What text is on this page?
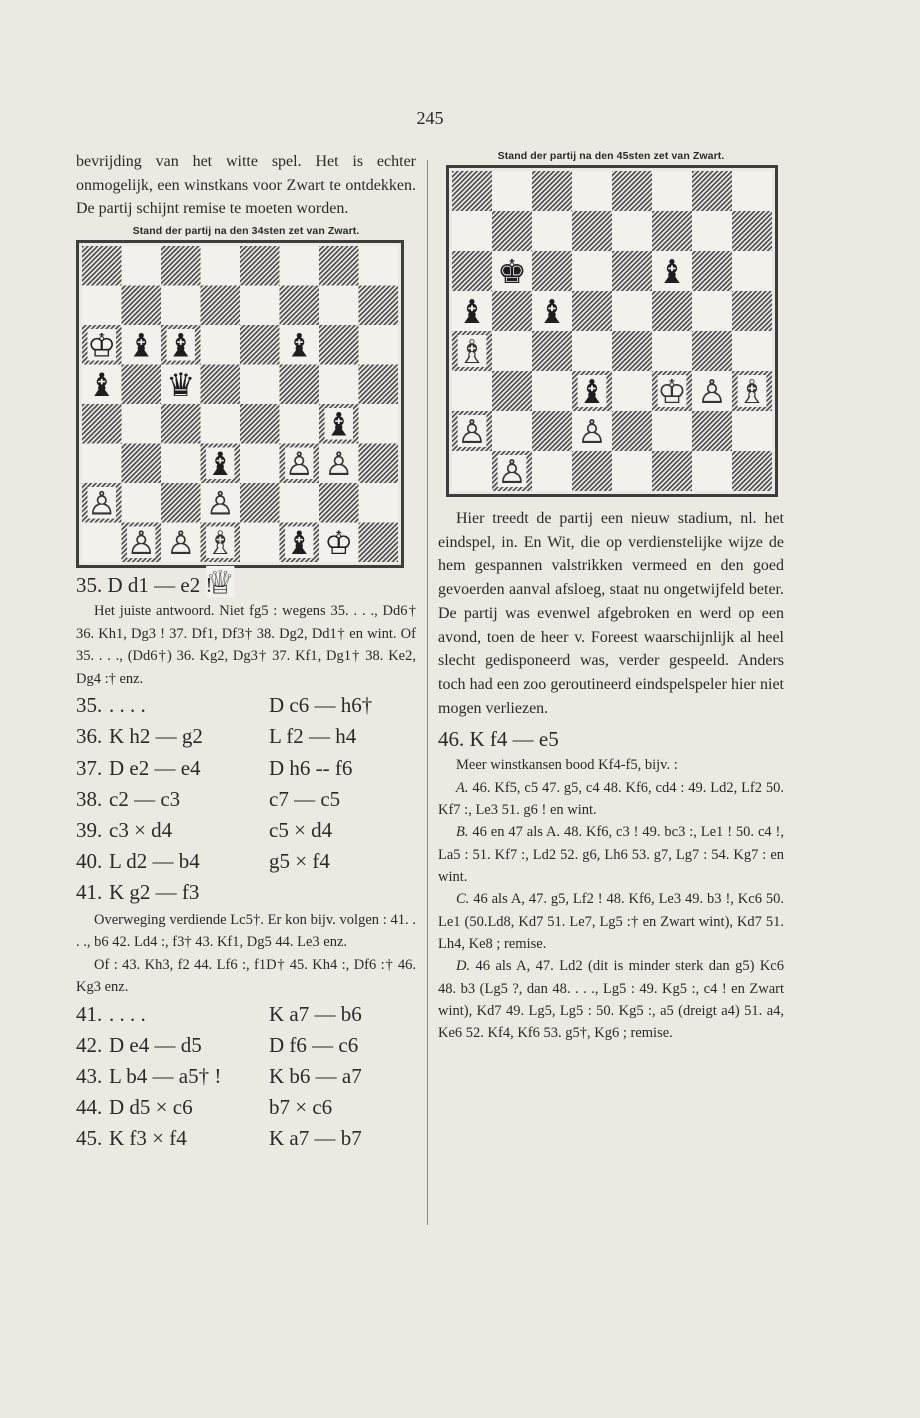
245

bevrijding van het witte spel. Het is echter onmogelijk, een winstkans voor Zwart te ontdekken. De partij schijnt remise te moeten worden.

Stand der partij na den 34sten zet van Zwart.
♔ ♝ ♝	♝
♝ ♛
♝
♝ ♙ ♙
♙	♙
♙ ♙ ♗ ♝ ♔
♕

35. D d1 — e2 !

Het juiste antwoord. Niet fg5 : wegens 35. . . ., Dd6† 36. Kh1, Dg3 ! 37. Df1, Df3† 38. Dg2, Dd1† en wint. Of 35. . . ., (Dd6†) 36. Kg2, Dg3† 37. Kf1, Dg1† 38. Ke2, Dg4 :† enz.

35. . . . .	D c6 — h6†
36. K h2 — g2	L f2 — h4
37. D e2 — e4	D h6 -- f6
38. c2 — c3	c7 — c5
39. c3 × d4	c5 × d4
40. L d2 — b4	g5 × f4
41. K g2 — f3

Overweging verdiende Lc5†. Er kon bijv. volgen : 41. . . ., b6 42. Ld4 :, f3† 43. Kf1, Dg5 44. Le3 enz.

Of : 43. Kh3, f2 44. Lf6 :, f1D† 45. Kh4 :, Df6 :† 46. Kg3 enz.

41. . . . .	K a7 — b6
42. D e4 — d5	D f6 — c6
43. L b4 — a5† !	K b6 — a7
44. D d5 × c6	b7 × c6
45. K f3 × f4	K a7 — b7
Stand der partij na den 45sten zet van Zwart.
♚	♝
♝ ♝
♗
♝ ♔ ♙ ♗
♙	♙
♙

Hier treedt de partij een nieuw stadium, nl. het eindspel, in. En Wit, die op verdienstelijke wijze de hem gespannen valstrikken vermeed en den goed gevoerden aanval afsloeg, staat nu ongetwijfeld beter. De partij was evenwel afgebroken en werd op een avond, toen de heer v. Foreest waarschijnlijk al heel slecht gedisponeerd was, verder gespeeld. Anders toch had een zoo geroutineerd eindspelspeler hier niet mogen verliezen.

46. K f4 — e5

Meer winstkansen bood Kf4-f5, bijv. :

A. 46. Kf5, c5 47. g5, c4 48. Kf6, cd4 : 49. Ld2, Lf2 50. Kf7 :, Le3 51. g6 ! en wint.

B. 46 en 47 als A. 48. Kf6, c3 ! 49. bc3 :, Le1 ! 50. c4 !, La5 : 51. Kf7 :, Ld2 52. g6, Lh6 53. g7, Lg7 : 54. Kg7 : en wint.

C. 46 als A, 47. g5, Lf2 ! 48. Kf6, Le3 49. b3 !, Kc6 50. Le1 (50.Ld8, Kd7 51. Le7, Lg5 :† en Zwart wint), Kd7 51. Lh4, Ke8 ; remise.

D. 46 als A, 47. Ld2 (dit is minder sterk dan g5) Kc6 48. b3 (Lg5 ?, dan 48. . . ., Lg5 : 49. Kg5 :, c4 ! en Zwart wint), Kd7 49. Lg5, Lg5 : 50. Kg5 :, a5 (dreigt a4) 51. a4, Ke6 52. Kf4, Kf6 53. g5†, Kg6 ; remise.
